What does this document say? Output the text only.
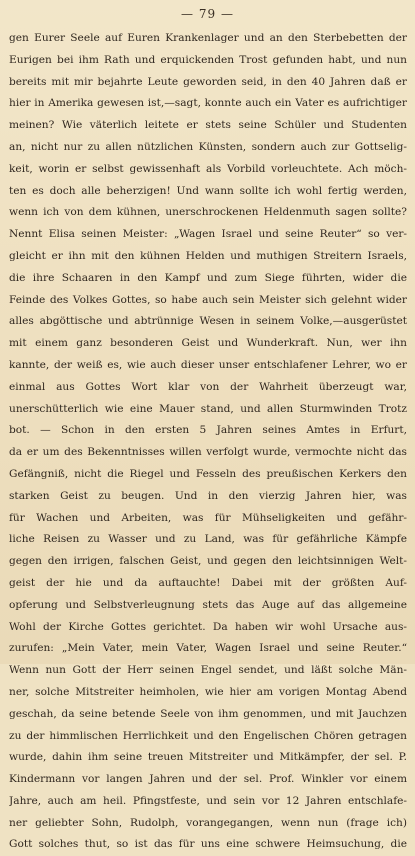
— 79 —
gen Eurer Seele auf Euren Krankenlager und an den Sterbebetten der
Eurigen bei ihm Rath und erquickenden Trost gefunden habt, und nun
bereits mit mir bejahrte Leute geworden seid, in den 40 Jahren daß er
hier in Amerika gewesen ist,—sagt, konnte auch ein Vater es aufrichtiger
meinen? Wie väterlich leitete er stets seine Schüler und Studenten
an, nicht nur zu allen nützlichen Künsten, sondern auch zur Gottselig-
keit, worin er selbst gewissenhaft als Vorbild vorleuchtete. Ach möch-
ten es doch alle beherzigen! Und wann sollte ich wohl fertig werden,
wenn ich von dem kühnen, unerschrockenen Heldenmuth sagen sollte?
Nennt Elisa seinen Meister: „Wagen Israel und seine Reuter“ so ver-
gleicht er ihn mit den kühnen Helden und muthigen Streitern Israels,
die ihre Schaaren in den Kampf und zum Siege führten, wider die
Feinde des Volkes Gottes, so habe auch sein Meister sich gelehnt wider
alles abgöttische und abtrünnige Wesen in seinem Volke,—ausgerüstet
mit einem ganz besonderen Geist und Wunderkraft. Nun, wer ihn
kannte, der weiß es, wie auch dieser unser entschlafener Lehrer, wo er
einmal aus Gottes Wort klar von der Wahrheit überzeugt war,
unerschütterlich wie eine Mauer stand, und allen Sturmwinden Trotz
bot. — Schon in den ersten 5 Jahren seines Amtes in Erfurt,
da er um des Bekenntnisses willen verfolgt wurde, vermochte nicht das
Gefängniß, nicht die Riegel und Fesseln des preußischen Kerkers den
starken Geist zu beugen. Und in den vierzig Jahren hier, was
für Wachen und Arbeiten, was für Mühseligkeiten und gefähr-
liche Reisen zu Wasser und zu Land, was für gefährliche Kämpfe
gegen den irrigen, falschen Geist, und gegen den leichtsinnigen Welt-
geist der hie und da auftauchte! Dabei mit der größten Auf-
opferung und Selbstverleugnung stets das Auge auf das allgemeine
Wohl der Kirche Gottes gerichtet. Da haben wir wohl Ursache aus-
zurufen: „Mein Vater, mein Vater, Wagen Israel und seine Reuter.“
Wenn nun Gott der Herr seinen Engel sendet, und läßt solche Män-
ner, solche Mitstreiter heimholen, wie hier am vorigen Montag Abend
geschah, da seine betende Seele von ihm genommen, und mit Jauchzen
zu der himmlischen Herrlichkeit und den Engelischen Chören getragen
wurde, dahin ihm seine treuen Mitstreiter und Mitkämpfer, der sel. P.
Kindermann vor langen Jahren und der sel. Prof. Winkler vor einem
Jahre, auch am heil. Pfingstfeste, und sein vor 12 Jahren entschlafe-
ner geliebter Sohn, Rudolph, vorangegangen, wenn nun (frage ich)
Gott solches thut, so ist das für uns eine schwere Heimsuchung, die
